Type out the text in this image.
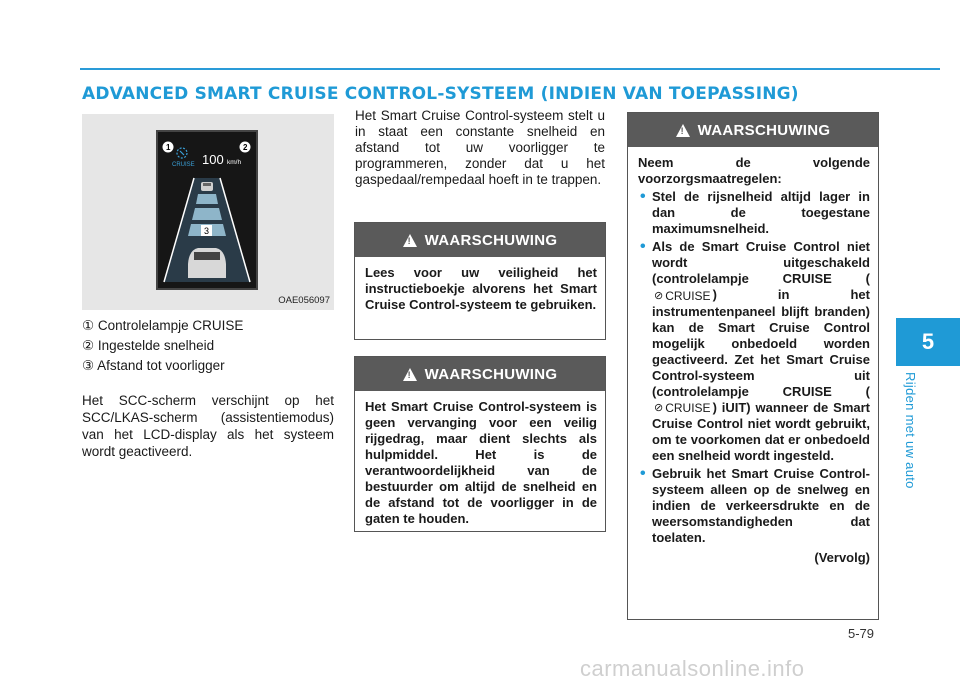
ADVANCED SMART CRUISE CONTROL-SYSTEEM (INDIEN VAN TOEPASSING)
5
Rijden met uw auto
CRUISE 100 km/h
1	2
3
OAE056097
① Controlelampje CRUISE
② Ingestelde snelheid
③ Afstand tot voorligger

Het SCC-scherm verschijnt op het SCC/LKAS-scherm (assistentiemodus) van het LCD-display als het systeem wordt geactiveerd.

Het Smart Cruise Control-systeem stelt u in staat een constante snelheid en afstand tot uw voorligger te programmeren, zonder dat u het gaspedaal/rempedaal hoeft in te trappen.

!
WAARSCHUWING
Lees voor uw veiligheid het instructieboekje alvorens het Smart Cruise Control-systeem te gebruiken.
!
WAARSCHUWING
Het Smart Cruise Control-systeem is geen vervanging voor een veilig rijgedrag, maar dient slechts als hulpmiddel. Het is de verantwoordelijkheid van de bestuurder om altijd de snelheid en de afstand tot de voorligger in de gaten te houden.
!
WAARSCHUWING
Neem de volgende voorzorgsmaatregelen:
• Stel de rijsnelheid altijd lager in dan de toegestane maximumsnelheid.
• Als de Smart Cruise Control niet wordt uitgeschakeld (controlelampje CRUISE (
⊘ CRUISE ) in het instrumentenpaneel blijft branden) kan de Smart Cruise Control mogelijk onbedoeld worden geactiveerd. Zet het Smart Cruise Control-systeem uit (controlelampje CRUISE (
⊘ CRUISE ) iUIT) wanneer de Smart Cruise Control niet wordt gebruikt, om te voorkomen dat er onbedoeld een snelheid wordt ingesteld.
• Gebruik het Smart Cruise Control-systeem alleen op de snelweg en indien de verkeersdrukte en de weersomstandigheden dat toelaten.
(Vervolg)
5-79
carmanualsonline.info
